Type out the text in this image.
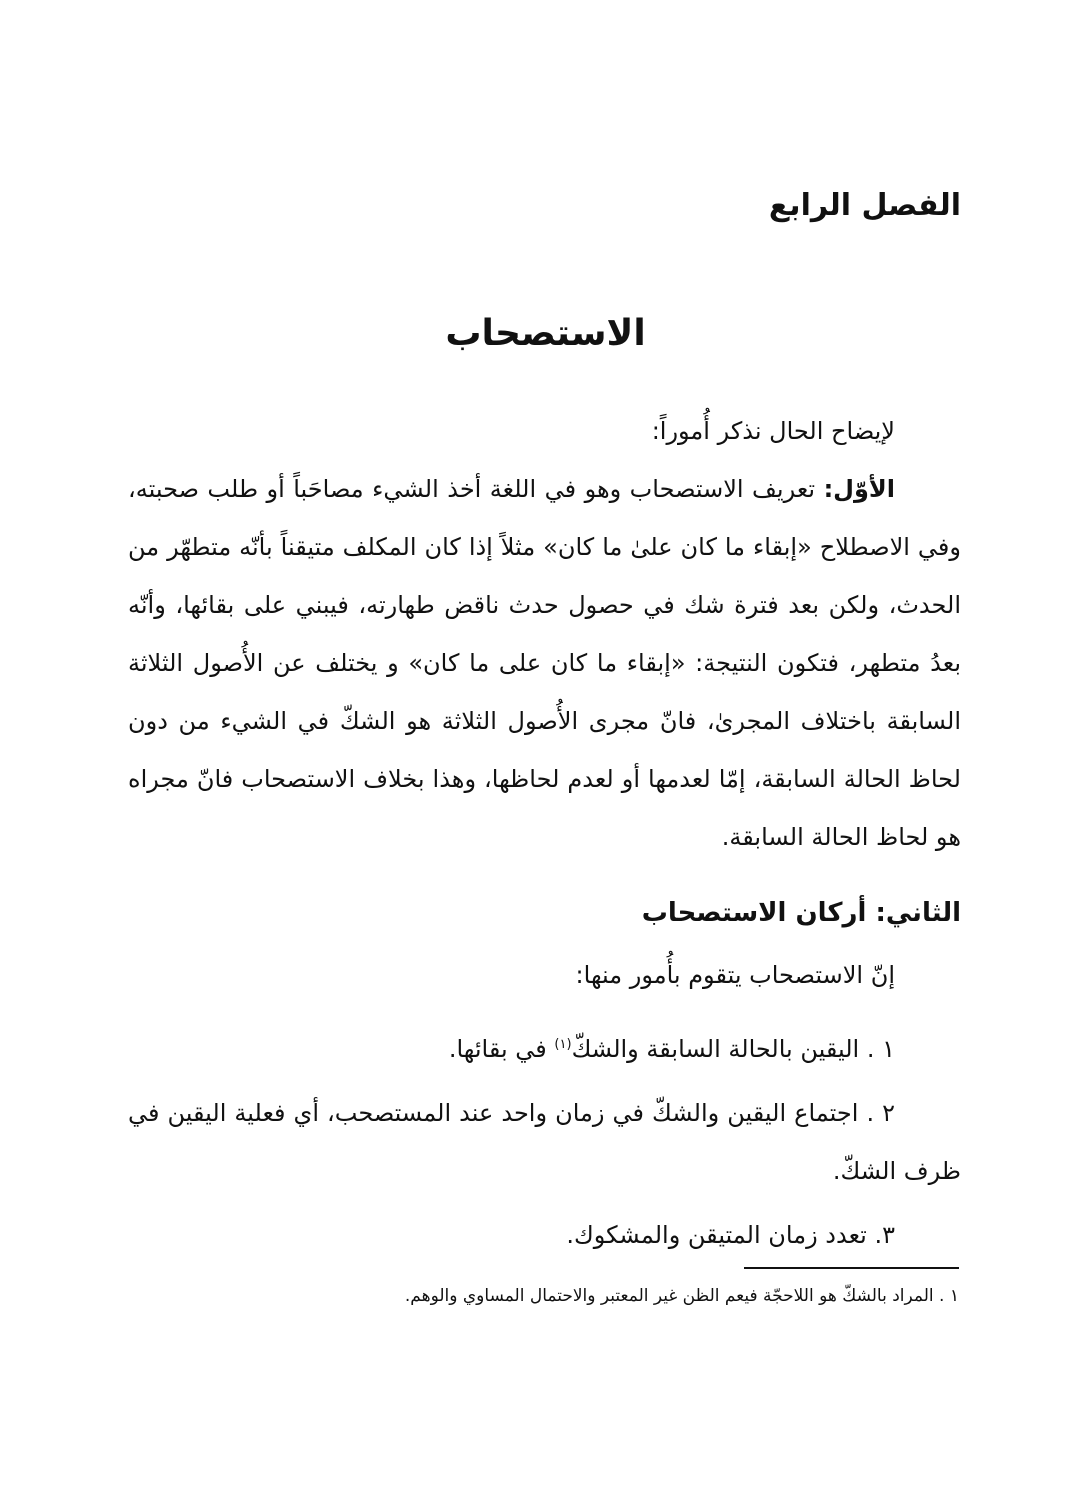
الفصل الرابع
الاستصحاب
لإيضاح الحال نذكر أُموراً:
الأوّل: تعريف الاستصحاب وهو في اللغة أخذ الشيء مصاحَباً أو طلب صحبته، وفي الاصطلاح «إبقاء ما كان علىٰ ما كان» مثلاً إذا كان المكلف متيقناً بأنّه متطهّر من الحدث، ولكن بعد فترة شك في حصول حدث ناقض طهارته، فيبني على بقائها، وأنّه بعدُ متطهر، فتكون النتيجة: «إبقاء ما كان على ما كان» و يختلف عن الأُصول الثلاثة السابقة باختلاف المجرىٰ، فانّ مجرى الأُصول الثلاثة هو الشكّ في الشيء من دون لحاظ الحالة السابقة، إمّا لعدمها أو لعدم لحاظها، وهذا بخلاف الاستصحاب فانّ مجراه هو لحاظ الحالة السابقة.
الثاني: أركان الاستصحاب
إنّ الاستصحاب يتقوم بأُمور منها:
١ . اليقين بالحالة السابقة والشكّ$^{(١)}$ في بقائها.
٢ . اجتماع اليقين والشكّ في زمان واحد عند المستصحب، أي فعلية اليقين في ظرف الشكّ.
٣. تعدد زمان المتيقن والمشكوك.
١ . المراد بالشكّ هو اللاحجّة فيعم الظن غير المعتبر والاحتمال المساوي والوهم.
